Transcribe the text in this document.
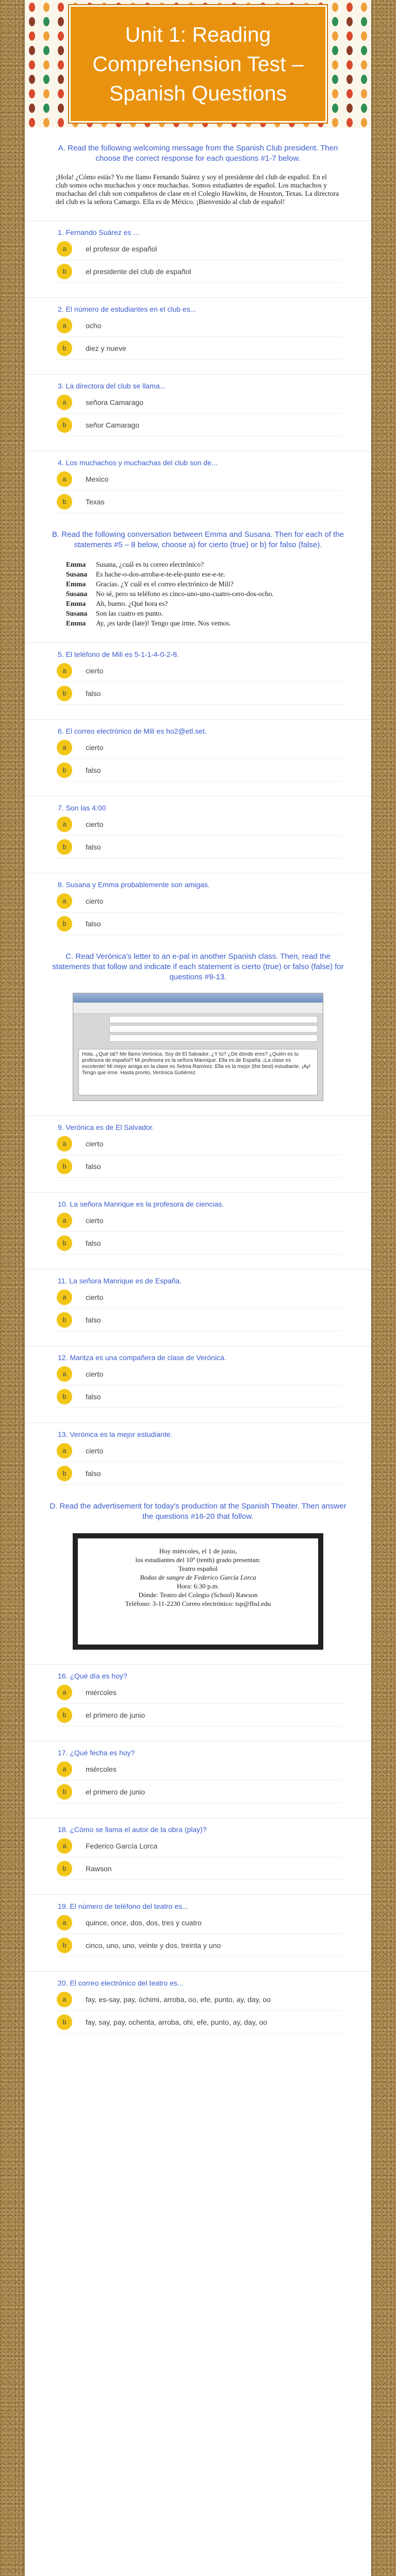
Unit 1: Reading Comprehension Test – Spanish Questions

A. Read the following welcoming message from the Spanish Club president. Then choose the correct response for each questions #1-7 below.

¡Hola! ¿Cómo estás? Yo me llamo Fernando Suárez y soy el presidente del club de español. En el club somos ocho muchachos y once muchachas. Somos estudiantes de español. Los muchachos y muchachas del club son compañeros de clase en el Colegio Hawkins, de Houston, Texas. La directora del club es la señora Camargo. Ella es de México. ¡Bienvenido al club de español!

1. Fernando Suárez es ...
a	el profesor de español
b	el presidente del club de español
2. El número de estudiantes en el club es...
a	ocho
b	diez y nueve
3. La directora del club se llama...
a	señora Camarago
b	señor Camarago
4. Los muchachos y muchachas del club son de...
a	Mexico
b	Texas

B. Read the following conversation between Emma and Susana. Then for each of the statements #5 – 8 below, choose a) for cierto (true) or b) for falso (false).

Emma	Susana, ¿cuál es tu correo electrónico?
Susana	Es hache-o-dos-arroba-e-te-ele-punto ese-e-te.
Emma	Gracias. ¿Y cuál es el correo electrónico de Mili?
Susana	No sé, pero su teléfono es cinco-uno-uno-cuatro-cero-dos-ocho.
Emma	Ah, bueno. ¿Qué hora es?
Susana	Son las cuatro en punto.
Emma	Ay, ¡es tarde (late)! Tengo que irme. Nos vemos.
5. El teléfono de Mili es 5-1-1-4-0-2-8.
a	cierto
b	falso
6. El correo electrónico de Mili es ho2@etl.set.
a	cierto
b	falso
7. Son las 4:00
a	cierto
b	falso
8. Susana y Emma probablemente son amigas.
a	cierto
b	falso

C. Read Verónica's letter to an e-pal in another Spanish class. Then, read the statements that follow and indicate if each statement is cierto (true) or falso (false) for questions #9-13.

Hola, ¿Qué tal? Me llamo Verónica. Soy de El Salvador, ¿Y tú? ¿De dónde eres? ¿Quién es tu profesora de español? Mi profesora es la señora Manrique. Ella es de España. ¡La clase es excelente! Mi mejor amiga en la clase es Selma Ramírez. Ella es la mejor (the best) estudiante. ¡Ay! Tengo que irme. Hasta pronto, Verónica Gutiérrez
9. Verónica es de El Salvador.
a	cierto
b	falso
10. La señora Manrique es la profesora de ciencias.
a	cierto
b	falso
11. La señora Manrique es de España.
a	cierto
b	falso
12. Maritza es una compañera de clase de Verónica.
a	cierto
b	falso
13. Verónica es la mejor estudiante.
a	cierto
b	falso

D. Read the advertisement for today's production at the Spanish Theater. Then answer the questions #16-20 that follow.

Hoy miércoles, el 1 de junio,
los estudiantes del 10º (tenth) grado presentan:
Teatro español
Bodas de sangre de Federico García Lorca
Hora: 6:30 p.m.
Dónde: Teatro del Colegio (School) Rawson
Teléfono: 3-11-2230 Correo electrónico: tsp@fhsl.edu
16. ¿Qué día es hoy?
a	miércoles
b	el primero de junio
17. ¿Qué fecha es hoy?
a	miércoles
b	el primero de junio
18. ¿Cómo se llama el autor de la obra (play)?
a	Federico García Lorca
b	Rawson
19. El número de teléfono del teatro es...
a	quince, once, dos, dos, tres y cuatro
b	cinco, uno, uno, veinte y dos, treinta y uno
20. El correo electrónico del teatro es...
a	fay, es-say, pay, óchimi, arroba, oo, efe, punto, ay, day, oo
b	fay, say, pay, ochenta, arroba, ohi, efe, punto, ay, day, oo
